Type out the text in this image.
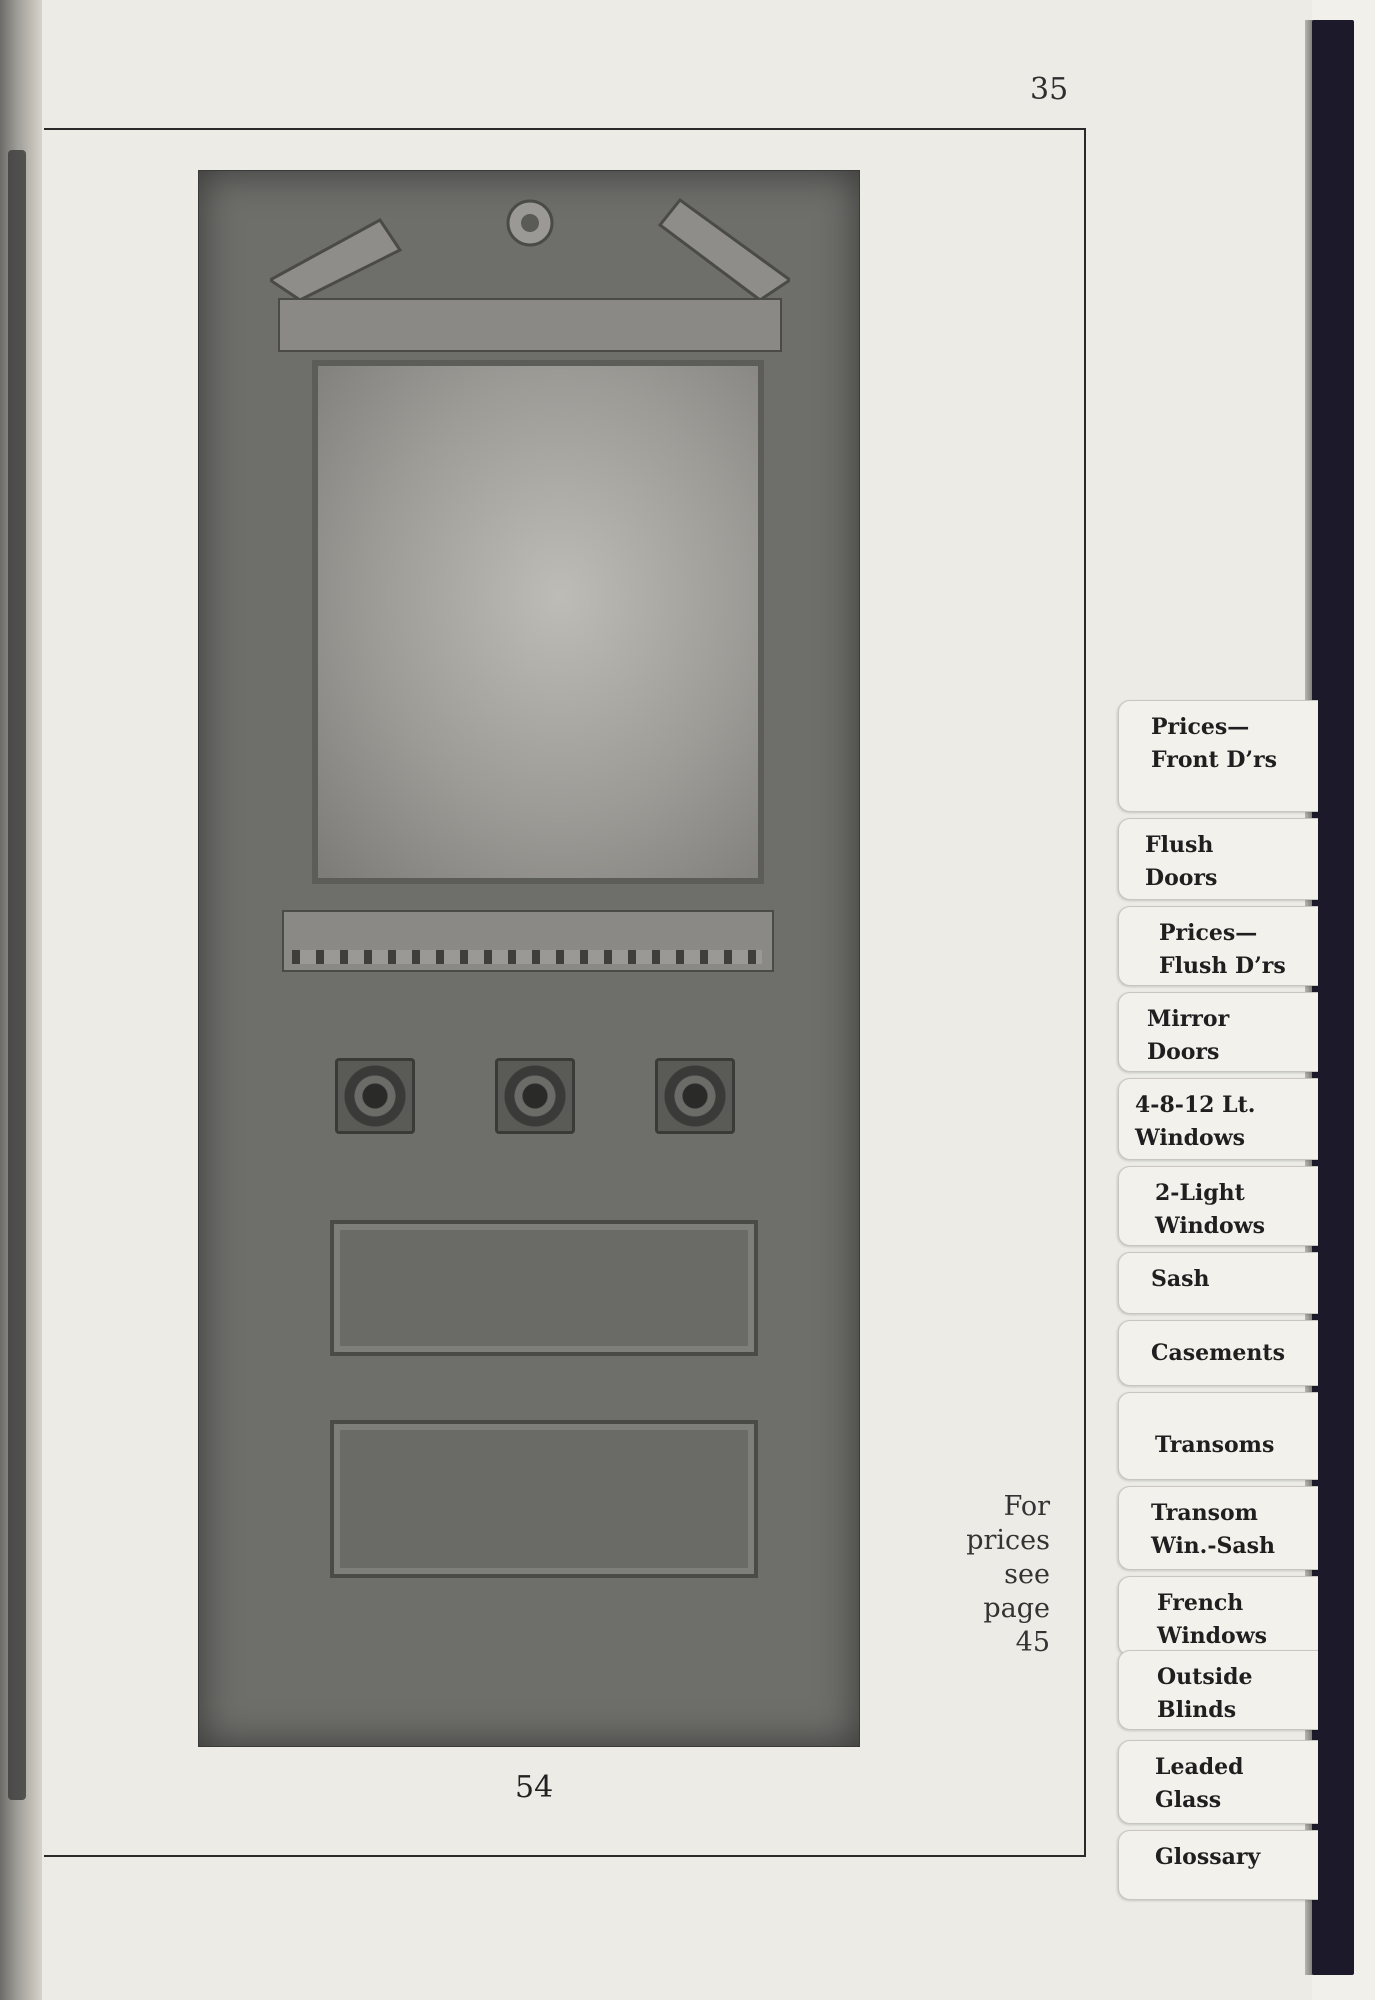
35
For
prices
see
page
45
54
Prices—
Front D’rs
Flush
Doors
Prices—
Flush D’rs
Mirror
Doors
4-8-12 Lt.
Windows
2-Light
Windows
Sash
Casements
Transoms
Transom
Win.-Sash
French
Windows
Outside
Blinds
Leaded
Glass
Glossary
